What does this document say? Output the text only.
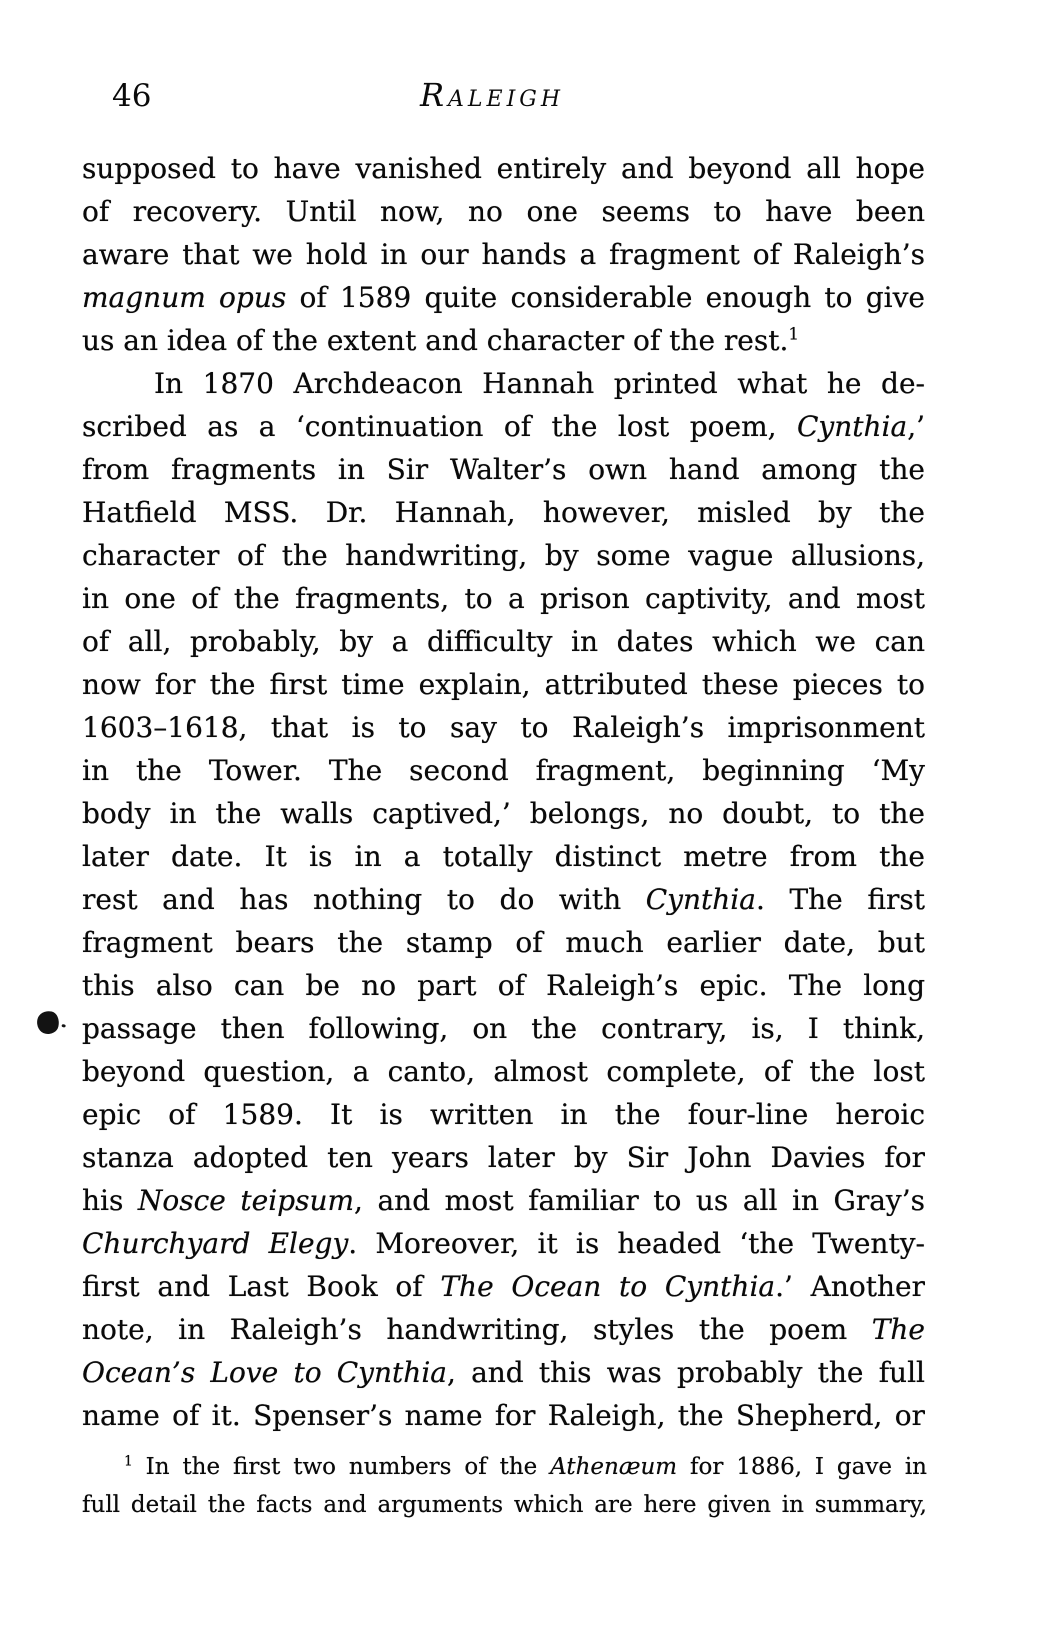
46	Raleigh
supposed to have vanished entirely and beyond all hope
of recovery. Until now, no one seems to have been
aware that we hold in our hands a fragment of Raleigh’s
magnum opus of 1589 quite considerable enough to give
us an idea of the extent and character of the rest.$^1$
In 1870 Archdeacon Hannah printed what he de-
scribed as a ‘continuation of the lost poem, Cynthia,’
from fragments in Sir Walter’s own hand among the
Hatfield MSS. Dr. Hannah, however, misled by the
character of the handwriting, by some vague allusions,
in one of the fragments, to a prison captivity, and most
of all, probably, by a difficulty in dates which we can
now for the first time explain, attributed these pieces to
1603–1618, that is to say to Raleigh’s imprisonment
in the Tower. The second fragment, beginning ‘My
body in the walls captived,’ belongs, no doubt, to the
later date. It is in a totally distinct metre from the
rest and has nothing to do with Cynthia. The first
fragment bears the stamp of much earlier date, but
this also can be no part of Raleigh’s epic. The long
passage then following, on the contrary, is, I think,
beyond question, a canto, almost complete, of the lost
epic of 1589. It is written in the four-line heroic
stanza adopted ten years later by Sir John Davies for
his Nosce teipsum, and most familiar to us all in Gray’s
Churchyard Elegy. Moreover, it is headed ‘the Twenty-
first and Last Book of The Ocean to Cynthia.’ Another
note, in Raleigh’s handwriting, styles the poem The
Ocean’s Love to Cynthia, and this was probably the full
name of it. Spenser’s name for Raleigh, the Shepherd, or
$^1$ In the first two numbers of the Athenæum for 1886, I gave in
full detail the facts and arguments which are here given in summary,
